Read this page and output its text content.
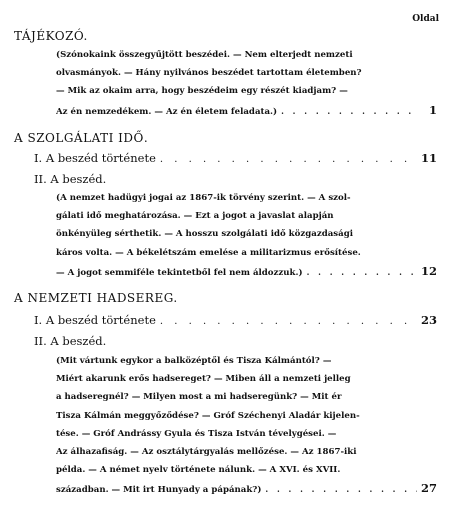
Oldal
TÁJÉKOZÓ.
(Szónokaink összegyűjtött beszédei. — Nem elterjedt nemzeti
olvasmányok. — Hány nyilvános beszédet tartottam életemben?
— Mik az okaim arra, hogy beszédeim egy részét kiadjam? —
Az én nemzedékem. — Az én életem feladata.) . . .	1
A SZOLGÁLATI IDŐ.
I. A beszéd története . . .	11
II. A beszéd.
(A nemzet hadügyi jogai az 1867-ik törvény szerint. — A szol-
gálati idő meghatározása. — Ezt a jogot a javaslat alapján
önkényüleg sérthetik. — A hosszu szolgálati idő közgazdasági
káros volta. — A békelétszám emelése a militarizmus erősítése.
— A jogot semmiféle tekintetből fel nem áldozzuk.) . . .	12
A NEMZETI HADSEREG.
I. A beszéd története . . .	23
II. A beszéd.
(Mit vártunk egykor a balközéptől és Tisza Kálmántól? —
Miért akarunk erős hadsereget? — Miben áll a nemzeti jelleg
a hadseregnél? — Milyen most a mi hadseregünk? — Mit ér
Tisza Kálmán meggyőződése? — Gróf Széchenyi Aladár kijelen-
tése. — Gróf Andrássy Gyula és Tisza István tévelygései. —
Az álhazafiság. — Az osztálytárgyalás mellőzése. — Az 1867-iki
példa. — A német nyelv története nálunk. — A XVI. és XVII.
században. — Mit irt Hunyady a pápának?) . . .	27
